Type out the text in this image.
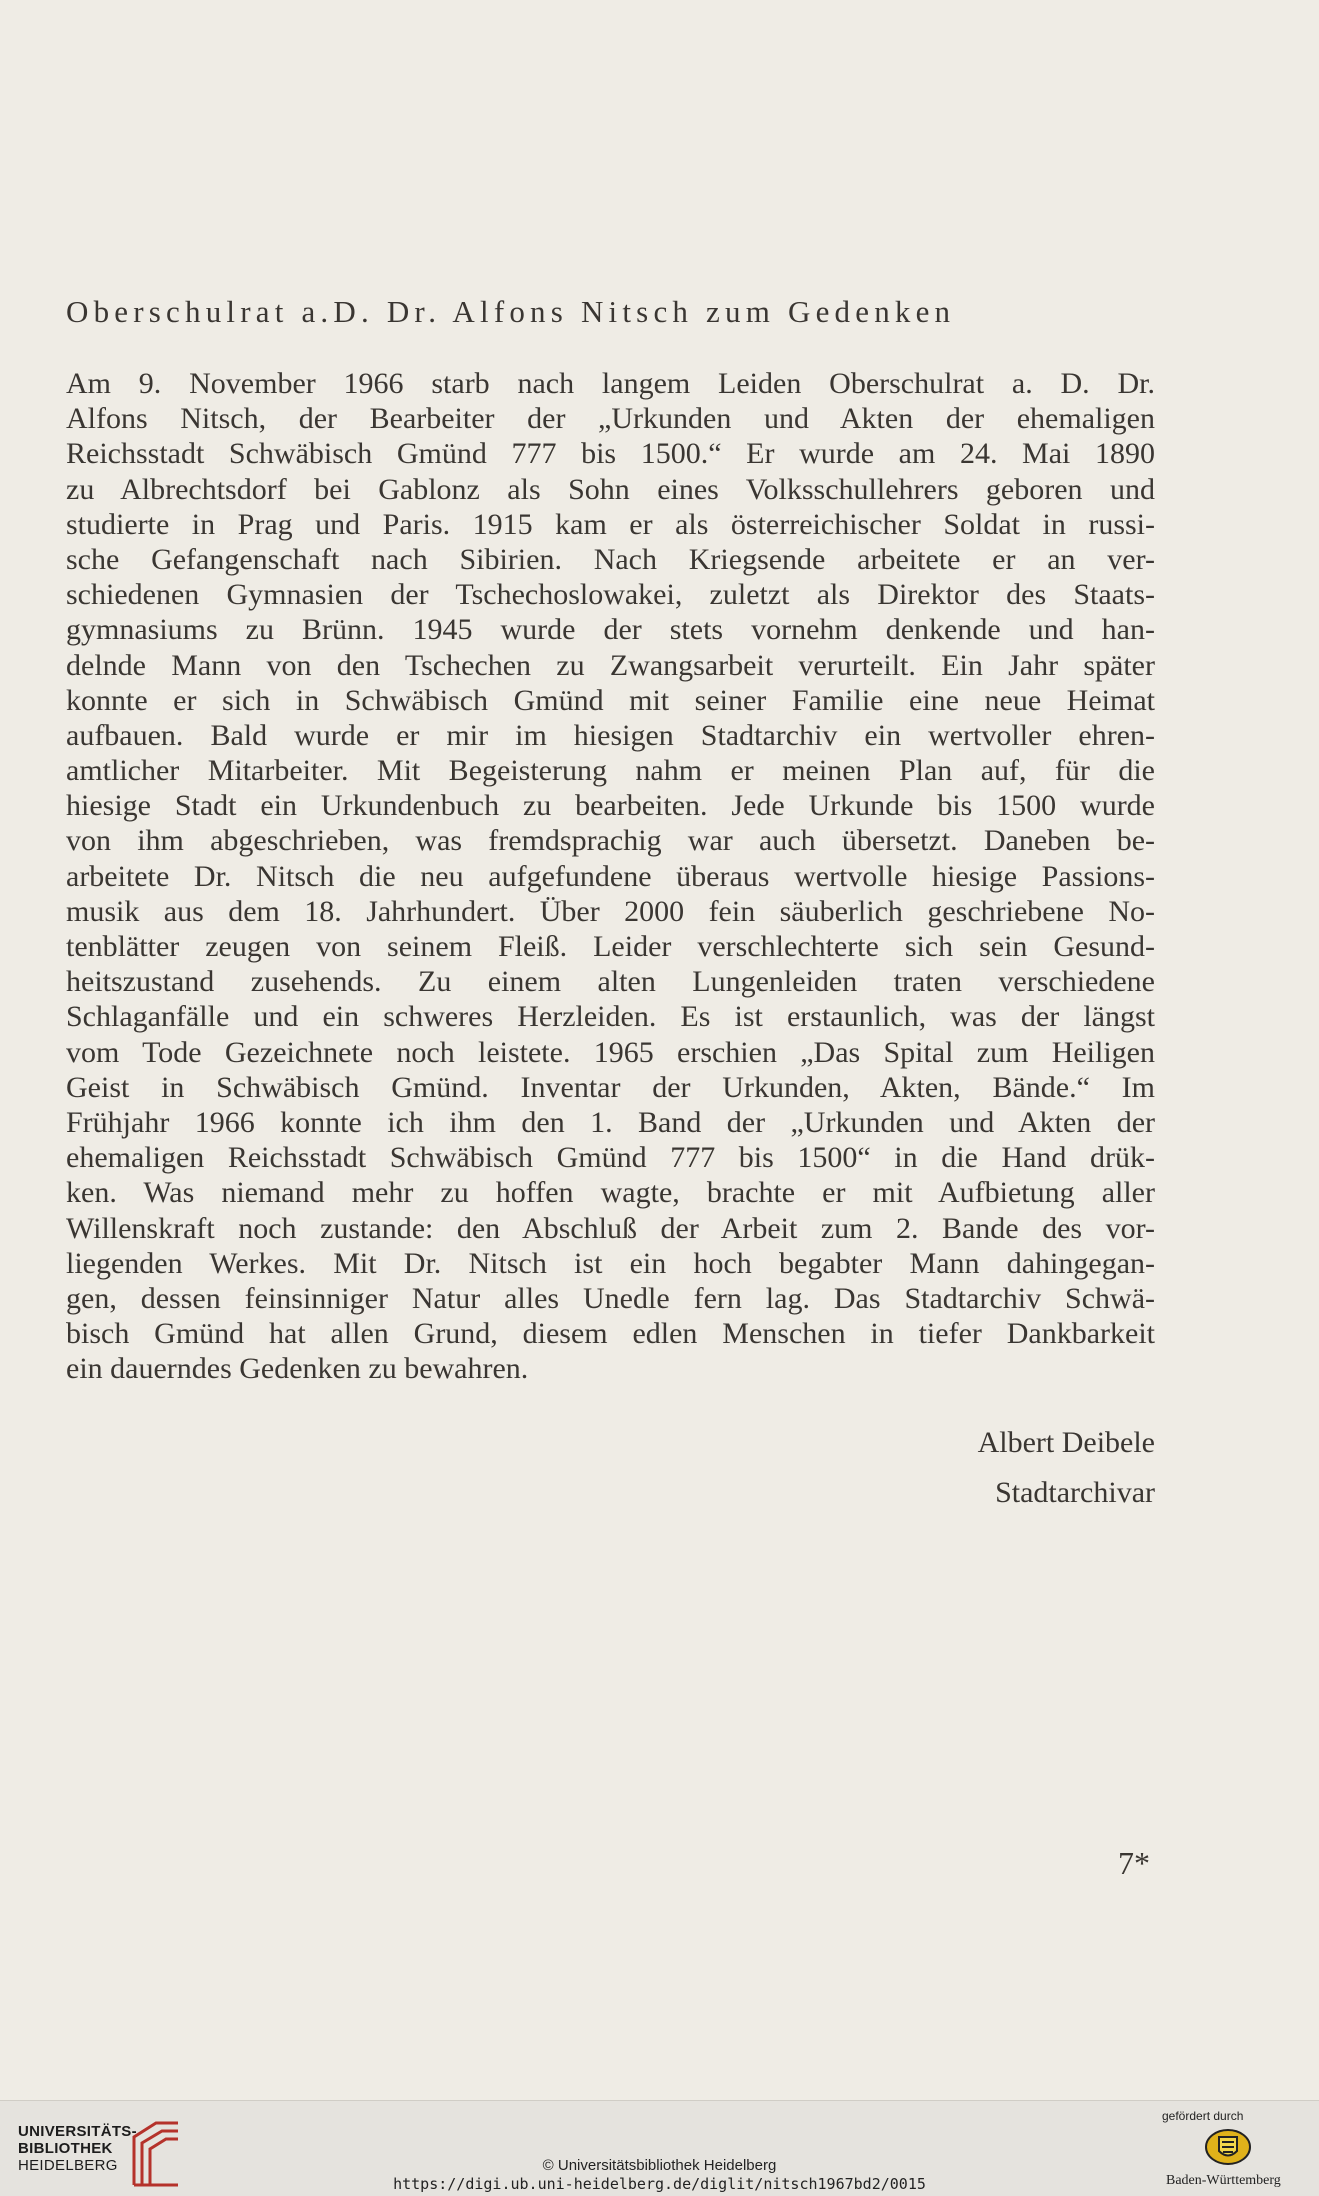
Oberschulrat a.D. Dr. Alfons Nitsch zum Gedenken
Am 9. November 1966 starb nach langem Leiden Oberschulrat a. D. Dr.
Alfons Nitsch, der Bearbeiter der „Urkunden und Akten der ehemaligen
Reichsstadt Schwäbisch Gmünd 777 bis 1500.“ Er wurde am 24. Mai 1890
zu Albrechtsdorf bei Gablonz als Sohn eines Volksschullehrers geboren und
studierte in Prag und Paris. 1915 kam er als österreichischer Soldat in russi-
sche Gefangenschaft nach Sibirien. Nach Kriegsende arbeitete er an ver-
schiedenen Gymnasien der Tschechoslowakei, zuletzt als Direktor des Staats-
gymnasiums zu Brünn. 1945 wurde der stets vornehm denkende und han-
delnde Mann von den Tschechen zu Zwangsarbeit verurteilt. Ein Jahr später
konnte er sich in Schwäbisch Gmünd mit seiner Familie eine neue Heimat
aufbauen. Bald wurde er mir im hiesigen Stadtarchiv ein wertvoller ehren-
amtlicher Mitarbeiter. Mit Begeisterung nahm er meinen Plan auf, für die
hiesige Stadt ein Urkundenbuch zu bearbeiten. Jede Urkunde bis 1500 wurde
von ihm abgeschrieben, was fremdsprachig war auch übersetzt. Daneben be-
arbeitete Dr. Nitsch die neu aufgefundene überaus wertvolle hiesige Passions-
musik aus dem 18. Jahrhundert. Über 2000 fein säuberlich geschriebene No-
tenblätter zeugen von seinem Fleiß. Leider verschlechterte sich sein Gesund-
heitszustand zusehends. Zu einem alten Lungenleiden traten verschiedene
Schlaganfälle und ein schweres Herzleiden. Es ist erstaunlich, was der längst
vom Tode Gezeichnete noch leistete. 1965 erschien „Das Spital zum Heiligen
Geist in Schwäbisch Gmünd. Inventar der Urkunden, Akten, Bände.“ Im
Frühjahr 1966 konnte ich ihm den 1. Band der „Urkunden und Akten der
ehemaligen Reichsstadt Schwäbisch Gmünd 777 bis 1500“ in die Hand drük-
ken. Was niemand mehr zu hoffen wagte, brachte er mit Aufbietung aller
Willenskraft noch zustande: den Abschluß der Arbeit zum 2. Bande des vor-
liegenden Werkes. Mit Dr. Nitsch ist ein hoch begabter Mann dahingegan-
gen, dessen feinsinniger Natur alles Unedle fern lag. Das Stadtarchiv Schwä-
bisch Gmünd hat allen Grund, diesem edlen Menschen in tiefer Dankbarkeit
ein dauerndes Gedenken zu bewahren.
Albert Deibele
Stadtarchivar
7*
UNIVERSITÄTS-
BIBLIOTHEK
HEIDELBERG	© Universitätsbibliothek Heidelberg
https://digi.ub.uni-heidelberg.de/diglit/nitsch1967bd2/0015
gefördert durch
Baden-Württemberg
